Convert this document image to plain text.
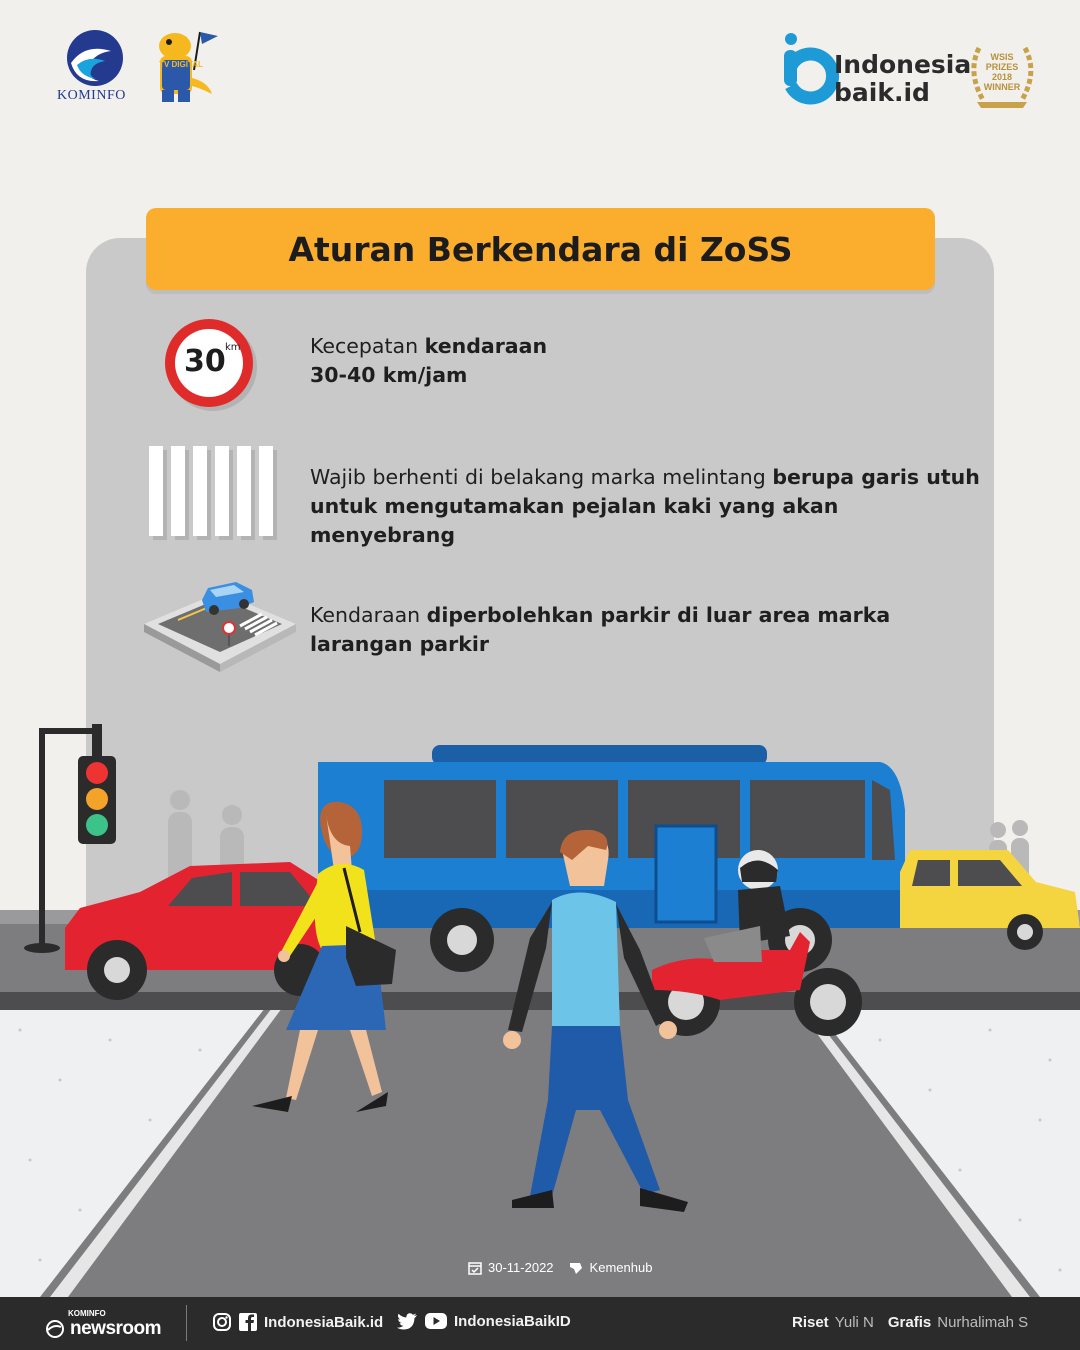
KOMINFO
TV DIGITAL	Indonesia
baik.id
WSIS PRIZES 2018 WINNER
Aturan Berkendara di ZoSS
30 km	Kecepatan kendaraan
30-40 km/jam
Wajib berhenti di belakang marka melintang berupa garis utuh
untuk mengutamakan pejalan kaki yang akan menyebrang
Kendaraan diperbolehkan parkir di luar area marka
larangan parkir
30-11-2022	Kemenhub
KOMINFO
newsroom	IndonesiaBaik.id	IndonesiaBaikID	Riset Yuli N Grafis Nurhalimah S
